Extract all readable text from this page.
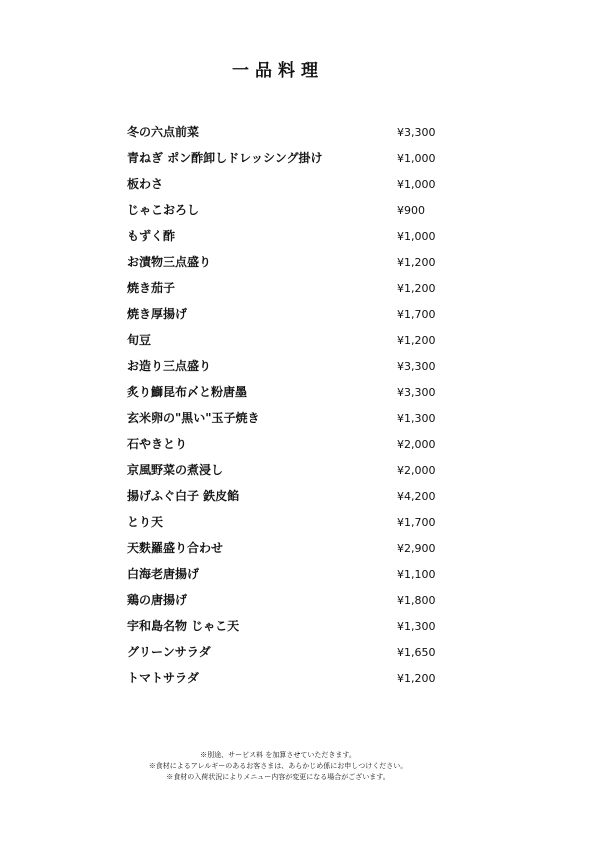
一品料理
冬の六点前菜	¥3,300
青ねぎ ポン酢卸しドレッシング掛け	¥1,000
板わさ	¥1,000
じゃこおろし	¥900
もずく酢	¥1,000
お漬物三点盛り	¥1,200
焼き茄子	¥1,200
焼き厚揚げ	¥1,700
旬豆	¥1,200
お造り三点盛り	¥3,300
炙り鰤昆布〆と粉唐墨	¥3,300
玄米卵の"黒い"玉子焼き	¥1,300
石やきとり	¥2,000
京風野菜の煮浸し	¥2,000
揚げふぐ白子 鉄皮餡	¥4,200
とり天	¥1,700
天麩羅盛り合わせ	¥2,900
白海老唐揚げ	¥1,100
鶏の唐揚げ	¥1,800
宇和島名物 じゃこ天	¥1,300
グリーンサラダ	¥1,650
トマトサラダ	¥1,200
※別途、サービス料 を加算させていただきます。
※食材によるアレルギーのあるお客さまは、あらかじめ係にお申しつけください。
※食材の入荷状況によりメニュー内容が変更になる場合がございます。
